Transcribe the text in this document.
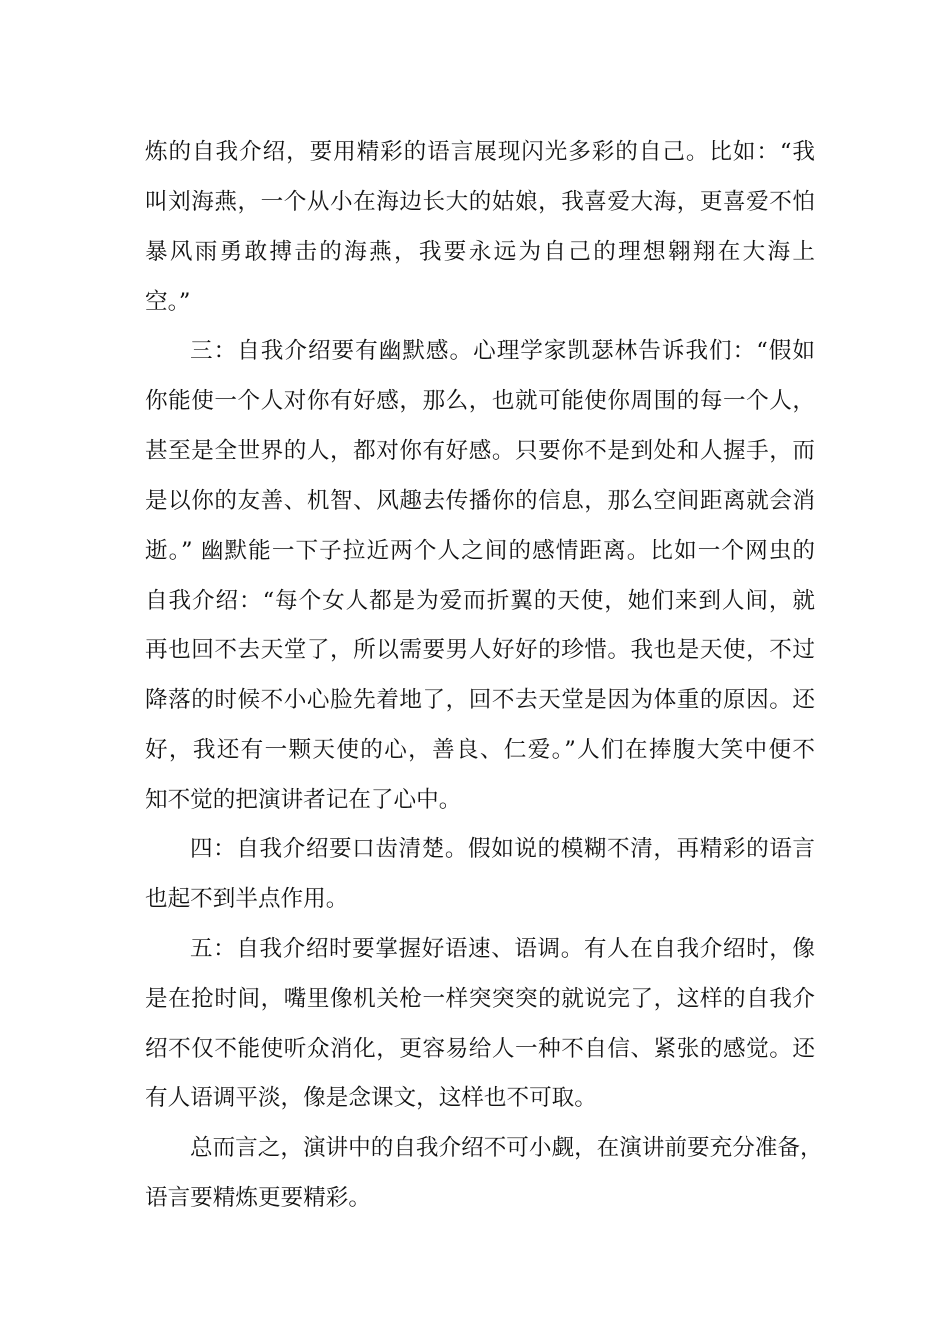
炼的自我介绍，要用精彩的语言展现闪光多彩的自己。比如：“我
叫刘海燕，一个从小在海边长大的姑娘，我喜爱大海，更喜爱不怕
暴风雨勇敢搏击的海燕，我要永远为自己的理想翱翔在大海上
空。”
三：自我介绍要有幽默感。心理学家凯瑟林告诉我们：“假如
你能使一个人对你有好感，那么，也就可能使你周围的每一个人，
甚至是全世界的人，都对你有好感。只要你不是到处和人握手，而
是以你的友善、机智、风趣去传播你的信息，那么空间距离就会消
逝。” 幽默能一下子拉近两个人之间的感情距离。比如一个网虫的
自我介绍：“每个女人都是为爱而折翼的天使，她们来到人间，就
再也回不去天堂了，所以需要男人好好的珍惜。我也是天使，不过
降落的时候不小心脸先着地了，回不去天堂是因为体重的原因。还
好，我还有一颗天使的心，善良、仁爱。”人们在捧腹大笑中便不
知不觉的把演讲者记在了心中。
四：自我介绍要口齿清楚。假如说的模糊不清，再精彩的语言
也起不到半点作用。
五：自我介绍时要掌握好语速、语调。有人在自我介绍时，像
是在抢时间，嘴里像机关枪一样突突突的就说完了，这样的自我介
绍不仅不能使听众消化，更容易给人一种不自信、紧张的感觉。还
有人语调平淡，像是念课文，这样也不可取。
总而言之，演讲中的自我介绍不可小觑，在演讲前要充分准备，
语言要精炼更要精彩。
